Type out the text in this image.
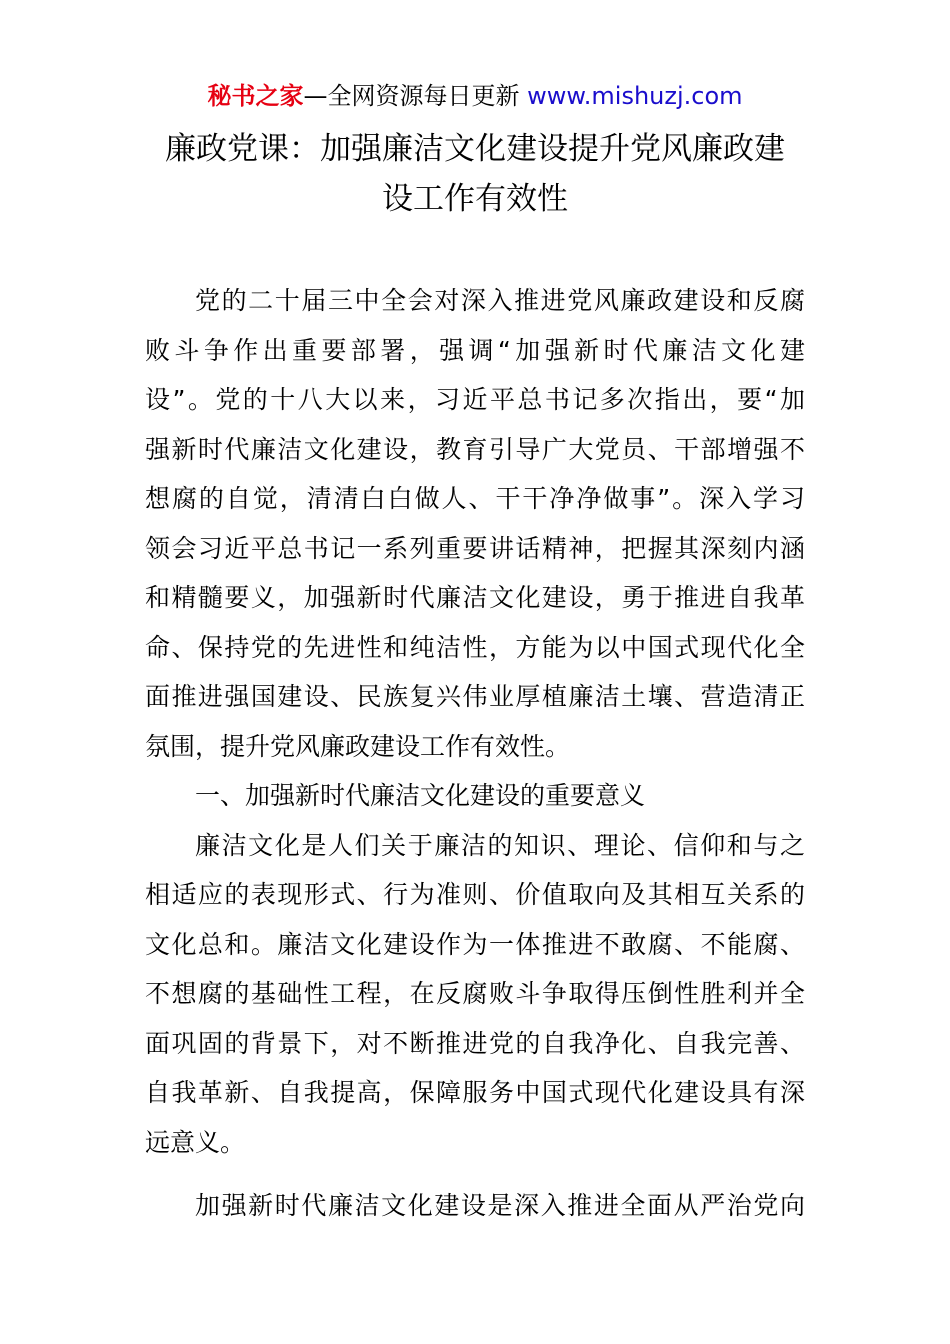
秘书之家—全网资源每日更新 www.mishuzj.com
廉政党课：加强廉洁文化建设提升党风廉政建
设工作有效性
党的二十届三中全会对深入推进党风廉政建设和反腐
败斗争作出重要部署，强调“加强新时代廉洁文化建
设”。党的十八大以来，习近平总书记多次指出，要“加
强新时代廉洁文化建设，教育引导广大党员、干部增强不
想腐的自觉，清清白白做人、干干净净做事”。深入学习
领会习近平总书记一系列重要讲话精神，把握其深刻内涵
和精髓要义，加强新时代廉洁文化建设，勇于推进自我革
命、保持党的先进性和纯洁性，方能为以中国式现代化全
面推进强国建设、民族复兴伟业厚植廉洁土壤、营造清正
氛围，提升党风廉政建设工作有效性。
一、加强新时代廉洁文化建设的重要意义
廉洁文化是人们关于廉洁的知识、理论、信仰和与之
相适应的表现形式、行为准则、价值取向及其相互关系的
文化总和。廉洁文化建设作为一体推进不敢腐、不能腐、
不想腐的基础性工程，在反腐败斗争取得压倒性胜利并全
面巩固的背景下，对不断推进党的自我净化、自我完善、
自我革新、自我提高，保障服务中国式现代化建设具有深
远意义。
加强新时代廉洁文化建设是深入推进全面从严治党向
